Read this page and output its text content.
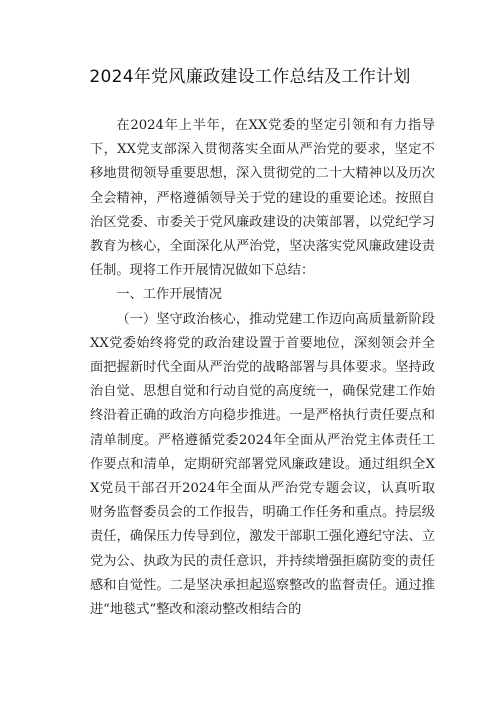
2024年党风廉政建设工作总结及工作计划

在2024年上半年，在XX党委的坚定引领和有力指导下，XX党支部深入贯彻落实全面从严治党的要求，坚定不移地贯彻领导重要思想，深入贯彻党的二十大精神以及历次全会精神，严格遵循领导关于党的建设的重要论述。按照自治区党委、市委关于党风廉政建设的决策部署，以党纪学习教育为核心，全面深化从严治党，坚决落实党风廉政建设责任制。现将工作开展情况做如下总结：

一、工作开展情况

（一）坚守政治核心，推动党建工作迈向高质量新阶段XX党委始终将党的政治建设置于首要地位，深刻领会并全面把握新时代全面从严治党的战略部署与具体要求。坚持政治自觉、思想自觉和行动自觉的高度统一，确保党建工作始终沿着正确的政治方向稳步推进。一是严格执行责任要点和清单制度。严格遵循党委2024年全面从严治党主体责任工作要点和清单，定期研究部署党风廉政建设。通过组织全XX党员干部召开2024年全面从严治党专题会议，认真听取财务监督委员会的工作报告，明确工作任务和重点。持层级责任，确保压力传导到位，激发干部职工强化遵纪守法、立党为公、执政为民的责任意识，并持续增强拒腐防变的责任感和自觉性。二是坚决承担起巡察整改的监督责任。通过推进“地毯式”整改和滚动整改相结合的
